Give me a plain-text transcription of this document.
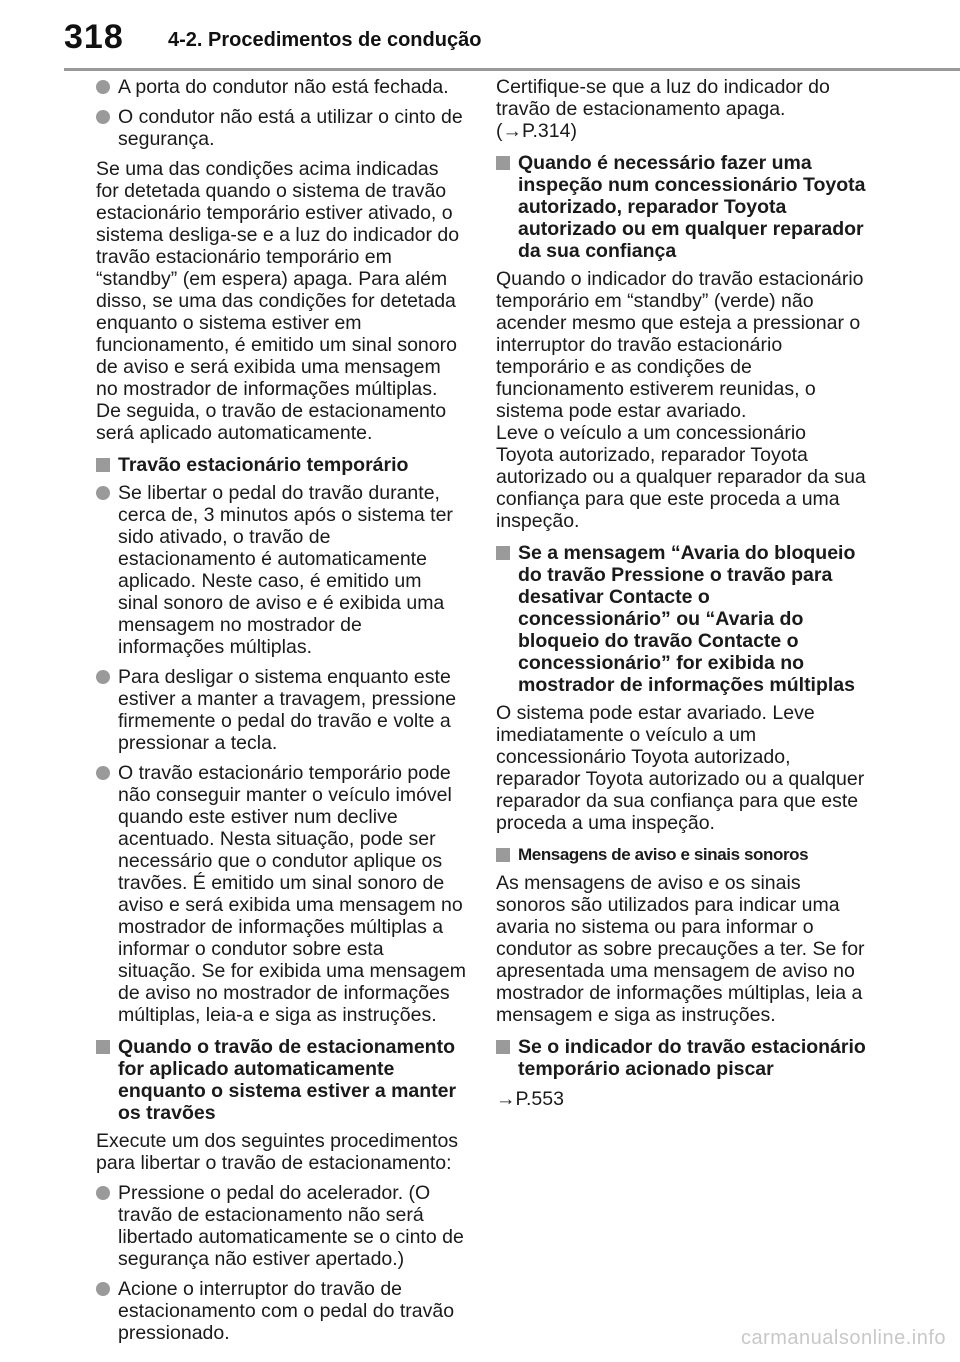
318 4-2. Procedimentos de condução
A porta do condutor não está fechada.
O condutor não está a utilizar o cinto de segurança.

Se uma das condições acima indicadas for detetada quando o sistema de travão estacionário temporário estiver ativado, o sistema desliga-se e a luz do indicador do travão estacionário temporário em “standby” (em espera) apaga. Para além disso, se uma das condições for detetada enquanto o sistema estiver em funcionamento, é emitido um sinal sonoro de aviso e será exibida uma mensagem no mostrador de informações múltiplas. De seguida, o travão de estacionamento será aplicado automaticamente.

Travão estacionário temporário
Se libertar o pedal do travão durante, cerca de, 3 minutos após o sistema ter sido ativado, o travão de estacionamento é automaticamente aplicado. Neste caso, é emitido um sinal sonoro de aviso e é exibida uma mensagem no mostrador de informações múltiplas.
Para desligar o sistema enquanto este estiver a manter a travagem, pressione firmemente o pedal do travão e volte a pressionar a tecla.
O travão estacionário temporário pode não conseguir manter o veículo imóvel quando este estiver num declive acentuado. Nesta situação, pode ser necessário que o condutor aplique os travões. É emitido um sinal sonoro de aviso e será exibida uma mensagem no mostrador de informações múltiplas a informar o condutor sobre esta situação. Se for exibida uma mensagem de aviso no mostrador de informações múltiplas, leia-a e siga as instruções.
Quando o travão de estacionamento for aplicado automaticamente enquanto o sistema estiver a manter os travões

Execute um dos seguintes procedimentos para libertar o travão de estacionamento:

Pressione o pedal do acelerador. (O travão de estacionamento não será libertado automaticamente se o cinto de segurança não estiver apertado.)
Acione o interruptor do travão de estacionamento com o pedal do travão pressionado.

Certifique-se que a luz do indicador do travão de estacionamento apaga. (→P.314)

Quando é necessário fazer uma inspeção num concessionário Toyota autorizado, reparador Toyota autorizado ou em qualquer reparador da sua confiança

Quando o indicador do travão estacionário temporário em “standby” (verde) não acender mesmo que esteja a pressionar o interruptor do travão estacionário temporário e as condições de funcionamento estiverem reunidas, o sistema pode estar avariado.

Leve o veículo a um concessionário Toyota autorizado, reparador Toyota autorizado ou a qualquer reparador da sua confiança para que este proceda a uma inspeção.

Se a mensagem “Avaria do bloqueio do travão Pressione o travão para desativar Contacte o concessionário” ou “Avaria do bloqueio do travão Contacte o concessionário” for exibida no mostrador de informações múltiplas

O sistema pode estar avariado. Leve imediatamente o veículo a um concessionário Toyota autorizado, reparador Toyota autorizado ou a qualquer reparador da sua confiança para que este proceda a uma inspeção.

Mensagens de aviso e sinais sonoros

As mensagens de aviso e os sinais sonoros são utilizados para indicar uma avaria no sistema ou para informar o condutor as sobre precauções a ter. Se for apresentada uma mensagem de aviso no mostrador de informações múltiplas, leia a mensagem e siga as instruções.

Se o indicador do travão estacionário temporário acionado piscar

→P.553

carmanualsonline.info
